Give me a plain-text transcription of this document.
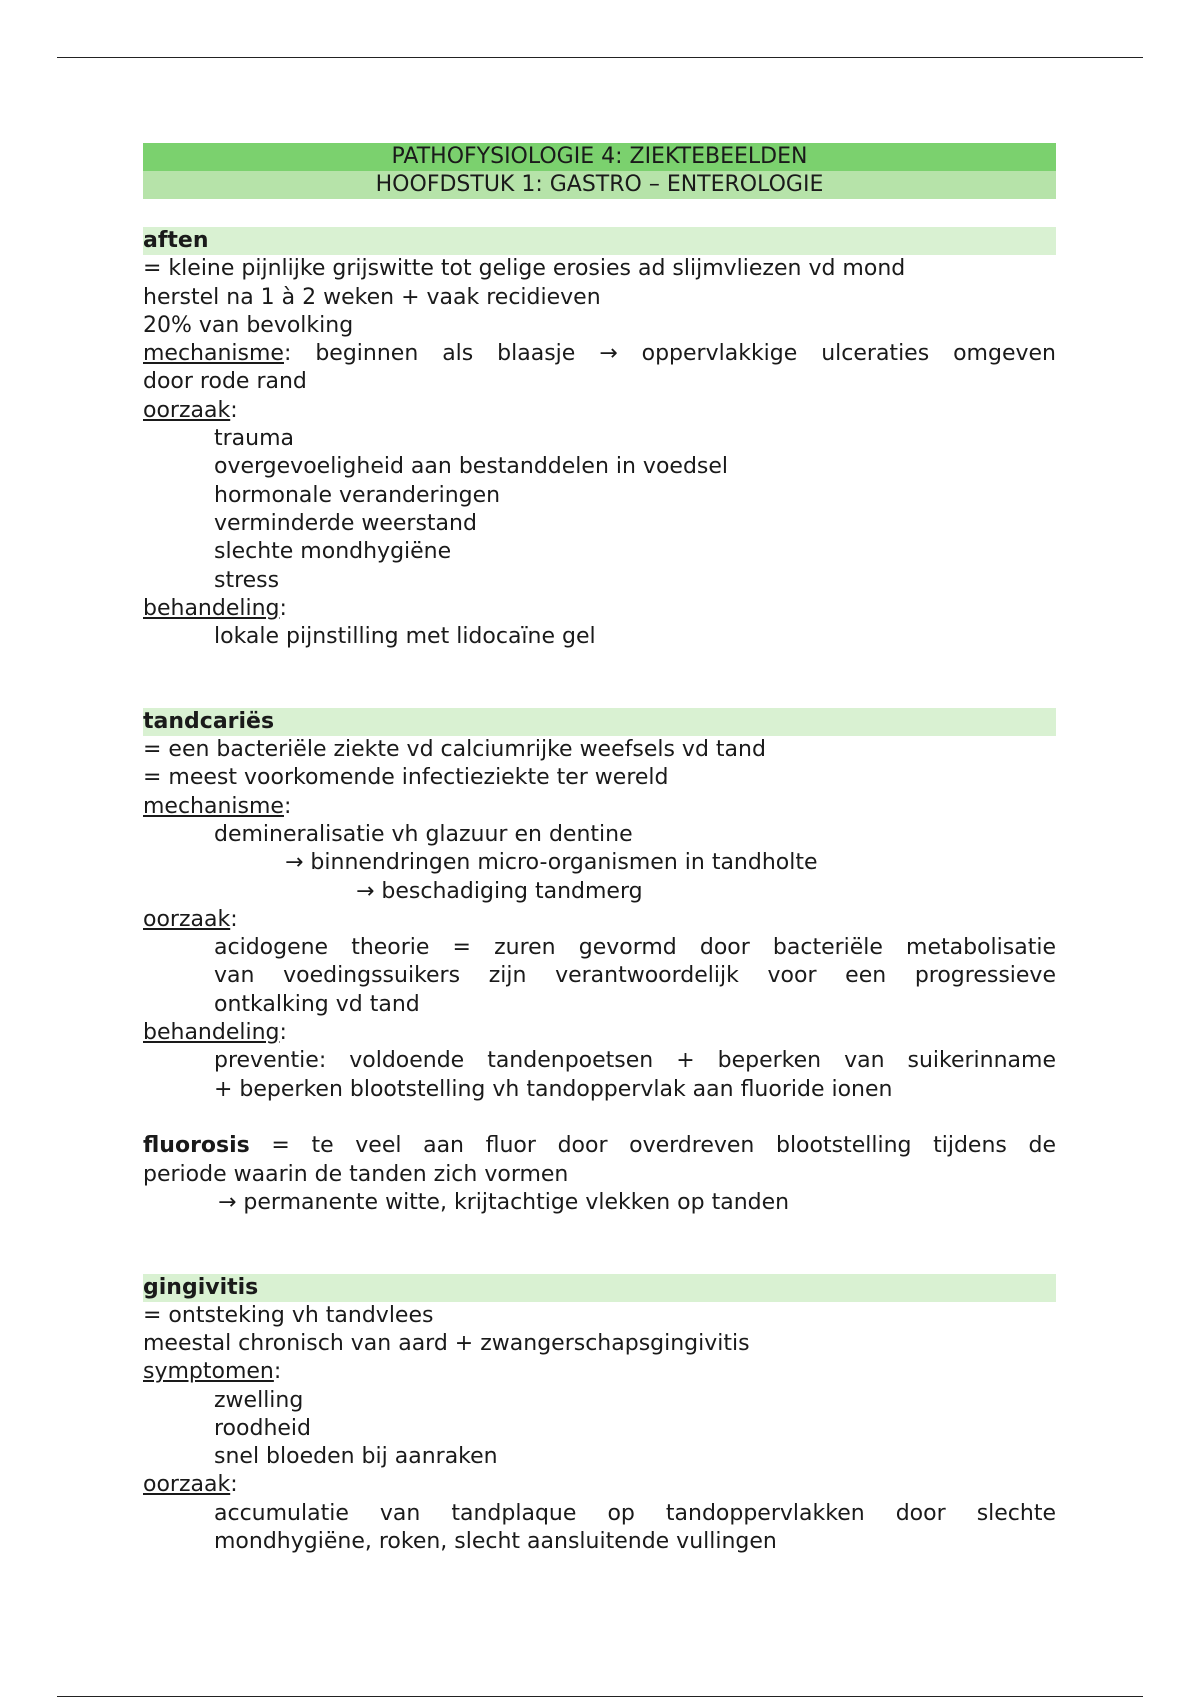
PATHOFYSIOLOGIE 4: ZIEKTEBEELDEN
HOOFDSTUK 1: GASTRO – ENTEROLOGIE
aften
= kleine pijnlijke grijswitte tot gelige erosies ad slijmvliezen vd mond
herstel na 1 à 2 weken + vaak recidieven
20% van bevolking
mechanisme: beginnen als blaasje → oppervlakkige ulceraties omgeven
door rode rand
oorzaak:
trauma
overgevoeligheid aan bestanddelen in voedsel
hormonale veranderingen
verminderde weerstand
slechte mondhygiëne
stress
behandeling:
lokale pijnstilling met lidocaïne gel
tandcariës
= een bacteriële ziekte vd calciumrijke weefsels vd tand
= meest voorkomende infectieziekte ter wereld
mechanisme:
demineralisatie vh glazuur en dentine
→ binnendringen micro-organismen in tandholte
→ beschadiging tandmerg
oorzaak:
acidogene theorie = zuren gevormd door bacteriële metabolisatie
van voedingssuikers zijn verantwoordelijk voor een progressieve
ontkalking vd tand
behandeling:
preventie: voldoende tandenpoetsen + beperken van suikerinname
+ beperken blootstelling vh tandoppervlak aan fluoride ionen
fluorosis = te veel aan fluor door overdreven blootstelling tijdens de
periode waarin de tanden zich vormen
→ permanente witte, krijtachtige vlekken op tanden
gingivitis
= ontsteking vh tandvlees
meestal chronisch van aard + zwangerschapsgingivitis
symptomen:
zwelling
roodheid
snel bloeden bij aanraken
oorzaak:
accumulatie van tandplaque op tandoppervlakken door slechte
mondhygiëne, roken, slecht aansluitende vullingen
